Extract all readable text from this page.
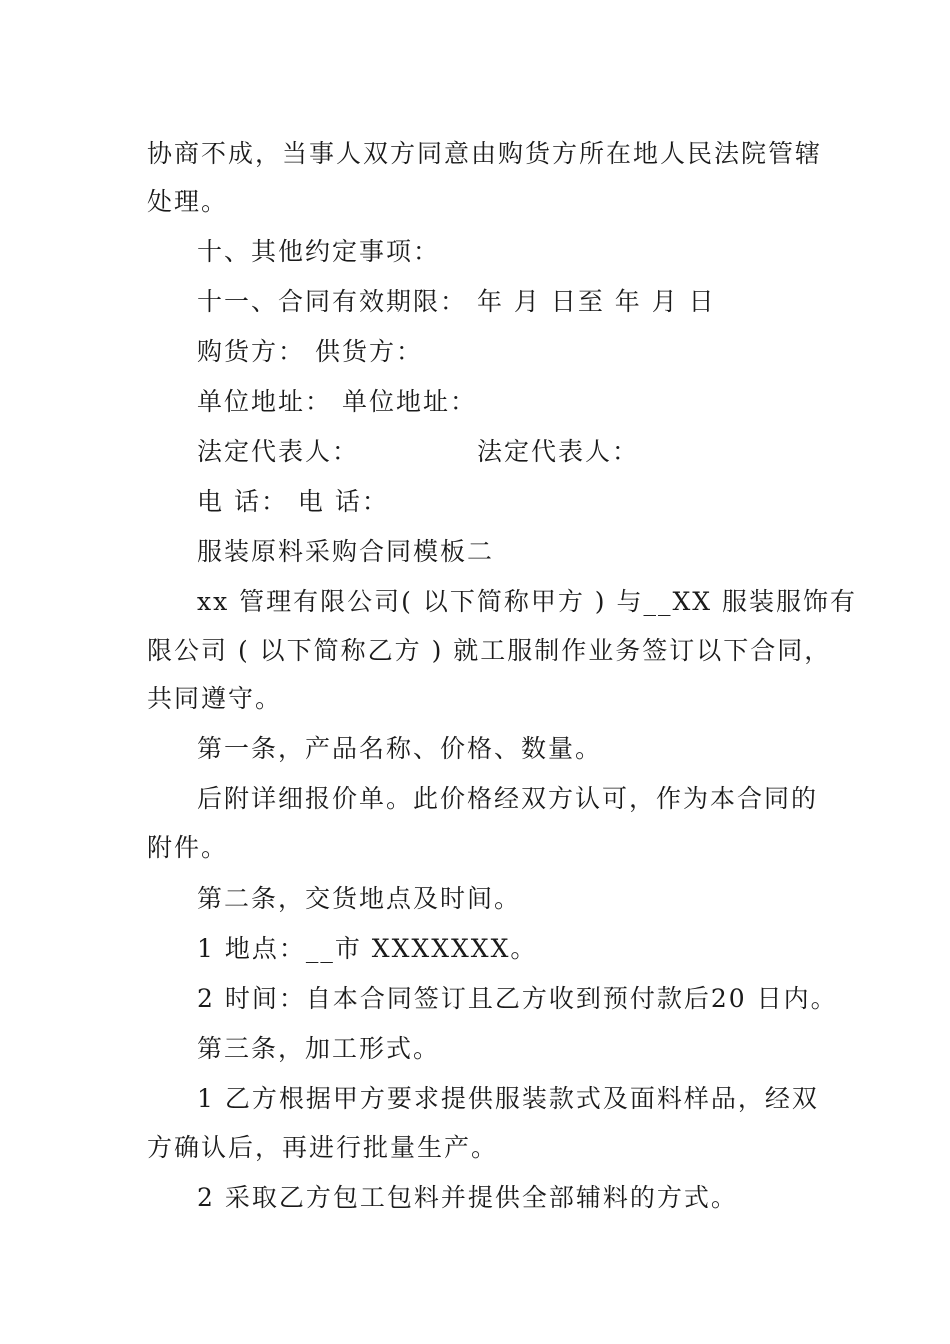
协商不成，当事人双方同意由购货方所在地人民法院管辖
处理。
十、其他约定事项：
十一、合同有效期限： 年 月 日至 年 月 日
购货方： 供货方：
单位地址： 单位地址：
法定代表人：	法定代表人：
电 话： 电 话：
服装原料采购合同模板二
xx 管理有限公司( 以下简称甲方 ) 与__XX 服装服饰有
限公司 ( 以下简称乙方 ) 就工服制作业务签订以下合同，
共同遵守。
第一条，产品名称、价格、数量。
后附详细报价单。此价格经双方认可，作为本合同的
附件。
第二条，交货地点及时间。
1 地点：__市 XXXXXXX。
2 时间：自本合同签订且乙方收到预付款后20 日内。
第三条，加工形式。
1 乙方根据甲方要求提供服装款式及面料样品，经双
方确认后，再进行批量生产。
2 采取乙方包工包料并提供全部辅料的方式。
